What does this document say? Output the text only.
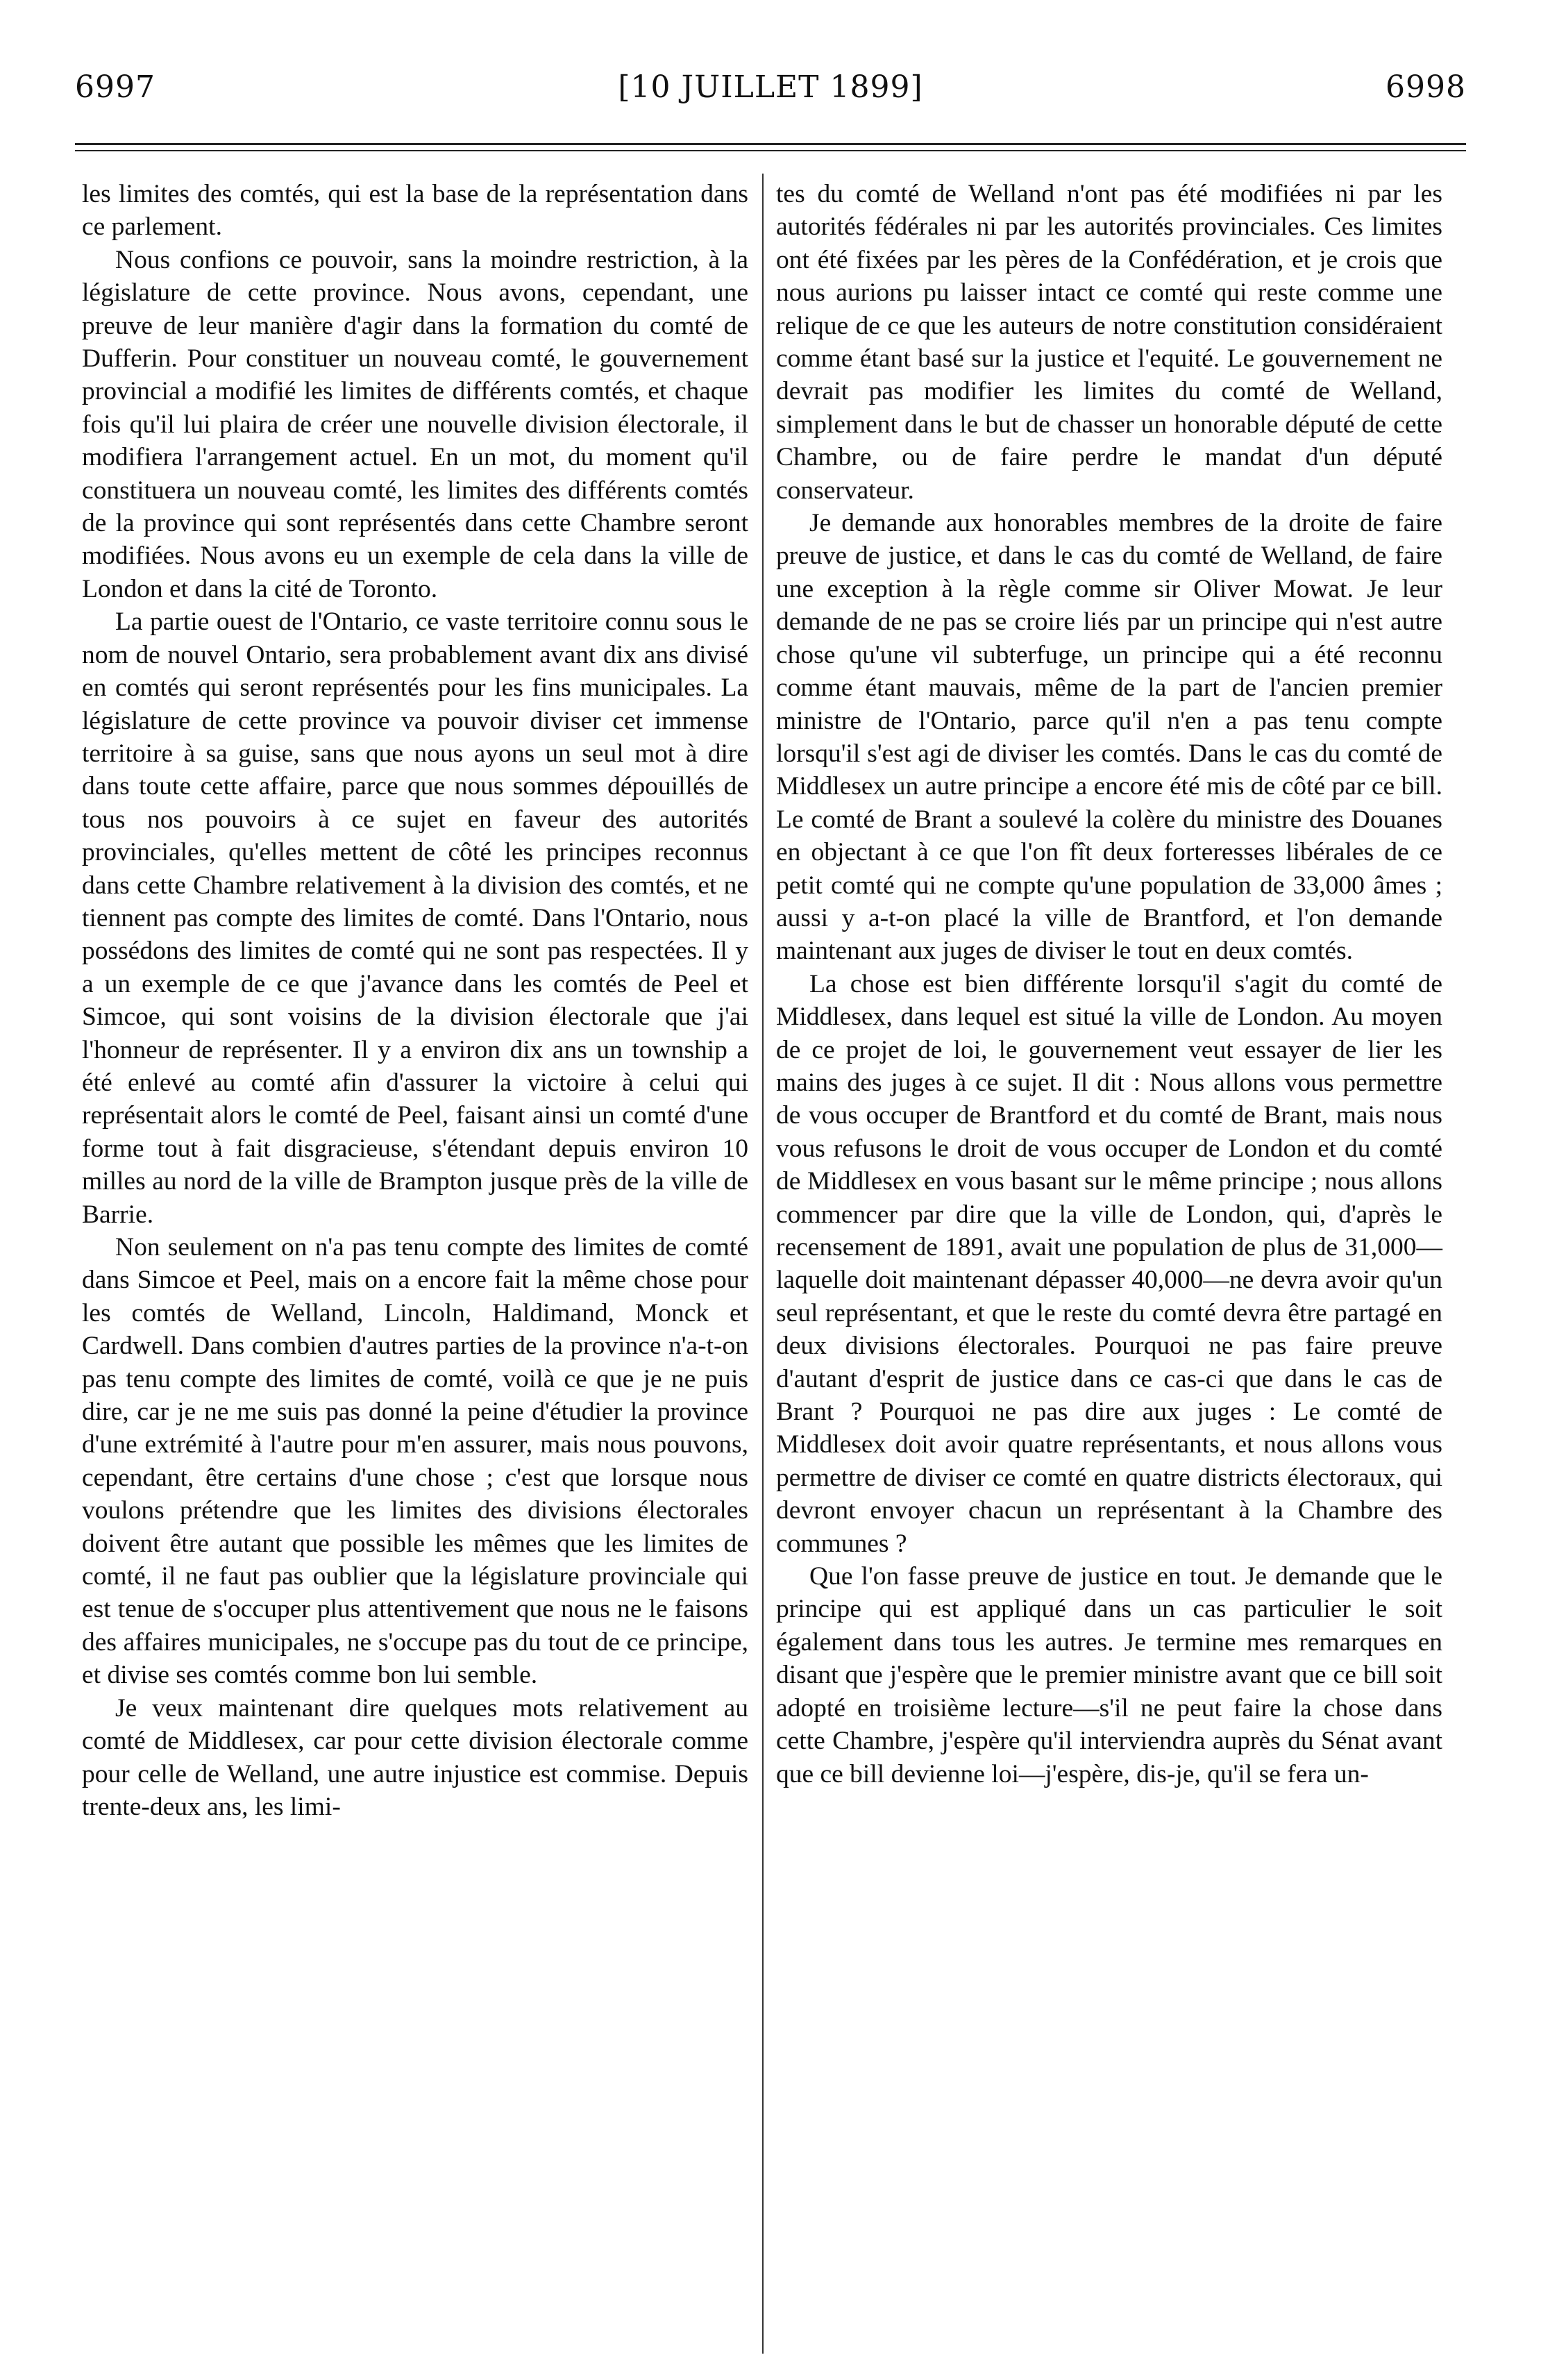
6997	[10 JUILLET 1899]	6998

les limites des comtés, qui est la base de la représentation dans ce parlement.

Nous confions ce pouvoir, sans la moindre restriction, à la législature de cette province. Nous avons, cependant, une preuve de leur manière d'agir dans la formation du comté de Dufferin. Pour constituer un nouveau comté, le gouvernement provincial a modifié les limites de différents comtés, et chaque fois qu'il lui plaira de créer une nouvelle division électorale, il modifiera l'arrangement actuel. En un mot, du moment qu'il constituera un nouveau comté, les limites des différents comtés de la province qui sont représentés dans cette Chambre seront modifiées. Nous avons eu un exemple de cela dans la ville de London et dans la cité de Toronto.

La partie ouest de l'Ontario, ce vaste territoire connu sous le nom de nouvel Ontario, sera probablement avant dix ans divisé en comtés qui seront représentés pour les fins municipales. La législature de cette province va pouvoir diviser cet immense territoire à sa guise, sans que nous ayons un seul mot à dire dans toute cette affaire, parce que nous sommes dépouillés de tous nos pouvoirs à ce sujet en faveur des autorités provinciales, qu'elles mettent de côté les principes reconnus dans cette Chambre relativement à la division des comtés, et ne tiennent pas compte des limites de comté. Dans l'Ontario, nous possédons des limites de comté qui ne sont pas respectées. Il y a un exemple de ce que j'avance dans les comtés de Peel et Simcoe, qui sont voisins de la division électorale que j'ai l'honneur de représenter. Il y a environ dix ans un township a été enlevé au comté afin d'assurer la victoire à celui qui représentait alors le comté de Peel, faisant ainsi un comté d'une forme tout à fait disgracieuse, s'étendant depuis environ 10 milles au nord de la ville de Brampton jusque près de la ville de Barrie.

Non seulement on n'a pas tenu compte des limites de comté dans Simcoe et Peel, mais on a encore fait la même chose pour les comtés de Welland, Lincoln, Haldimand, Monck et Cardwell. Dans combien d'autres parties de la province n'a-t-on pas tenu compte des limites de comté, voilà ce que je ne puis dire, car je ne me suis pas donné la peine d'étudier la province d'une extrémité à l'autre pour m'en assurer, mais nous pouvons, cependant, être certains d'une chose ; c'est que lorsque nous voulons prétendre que les limites des divisions électorales doivent être autant que possible les mêmes que les limites de comté, il ne faut pas oublier que la législature provinciale qui est tenue de s'occuper plus attentivement que nous ne le faisons des affaires municipales, ne s'occupe pas du tout de ce principe, et divise ses comtés comme bon lui semble.

Je veux maintenant dire quelques mots relativement au comté de Middlesex, car pour cette division électorale comme pour celle de Welland, une autre injustice est commise. Depuis trente-deux ans, les limi-

tes du comté de Welland n'ont pas été modifiées ni par les autorités fédérales ni par les autorités provinciales. Ces limites ont été fixées par les pères de la Confédération, et je crois que nous aurions pu laisser intact ce comté qui reste comme une relique de ce que les auteurs de notre constitution considéraient comme étant basé sur la justice et l'equité. Le gouvernement ne devrait pas modifier les limites du comté de Welland, simplement dans le but de chasser un honorable député de cette Chambre, ou de faire perdre le mandat d'un député conservateur.

Je demande aux honorables membres de la droite de faire preuve de justice, et dans le cas du comté de Welland, de faire une exception à la règle comme sir Oliver Mowat. Je leur demande de ne pas se croire liés par un principe qui n'est autre chose qu'une vil subterfuge, un principe qui a été reconnu comme étant mauvais, même de la part de l'ancien premier ministre de l'Ontario, parce qu'il n'en a pas tenu compte lorsqu'il s'est agi de diviser les comtés. Dans le cas du comté de Middlesex un autre principe a encore été mis de côté par ce bill. Le comté de Brant a soulevé la colère du ministre des Douanes en objectant à ce que l'on fît deux forteresses libérales de ce petit comté qui ne compte qu'une population de 33,000 âmes ; aussi y a-t-on placé la ville de Brantford, et l'on demande maintenant aux juges de diviser le tout en deux comtés.

La chose est bien différente lorsqu'il s'agit du comté de Middlesex, dans lequel est situé la ville de London. Au moyen de ce projet de loi, le gouvernement veut essayer de lier les mains des juges à ce sujet. Il dit : Nous allons vous permettre de vous occuper de Brantford et du comté de Brant, mais nous vous refusons le droit de vous occuper de London et du comté de Middlesex en vous basant sur le même principe ; nous allons commencer par dire que la ville de London, qui, d'après le recensement de 1891, avait une population de plus de 31,000—laquelle doit maintenant dépasser 40,000—ne devra avoir qu'un seul représentant, et que le reste du comté devra être partagé en deux divisions électorales. Pourquoi ne pas faire preuve d'autant d'esprit de justice dans ce cas-ci que dans le cas de Brant ? Pourquoi ne pas dire aux juges : Le comté de Middlesex doit avoir quatre représentants, et nous allons vous permettre de diviser ce comté en quatre districts électoraux, qui devront envoyer chacun un représentant à la Chambre des communes ?

Que l'on fasse preuve de justice en tout. Je demande que le principe qui est appliqué dans un cas particulier le soit également dans tous les autres. Je termine mes remarques en disant que j'espère que le premier ministre avant que ce bill soit adopté en troisième lecture—s'il ne peut faire la chose dans cette Chambre, j'espère qu'il interviendra auprès du Sénat avant que ce bill devienne loi—j'espère, dis-je, qu'il se fera un-
